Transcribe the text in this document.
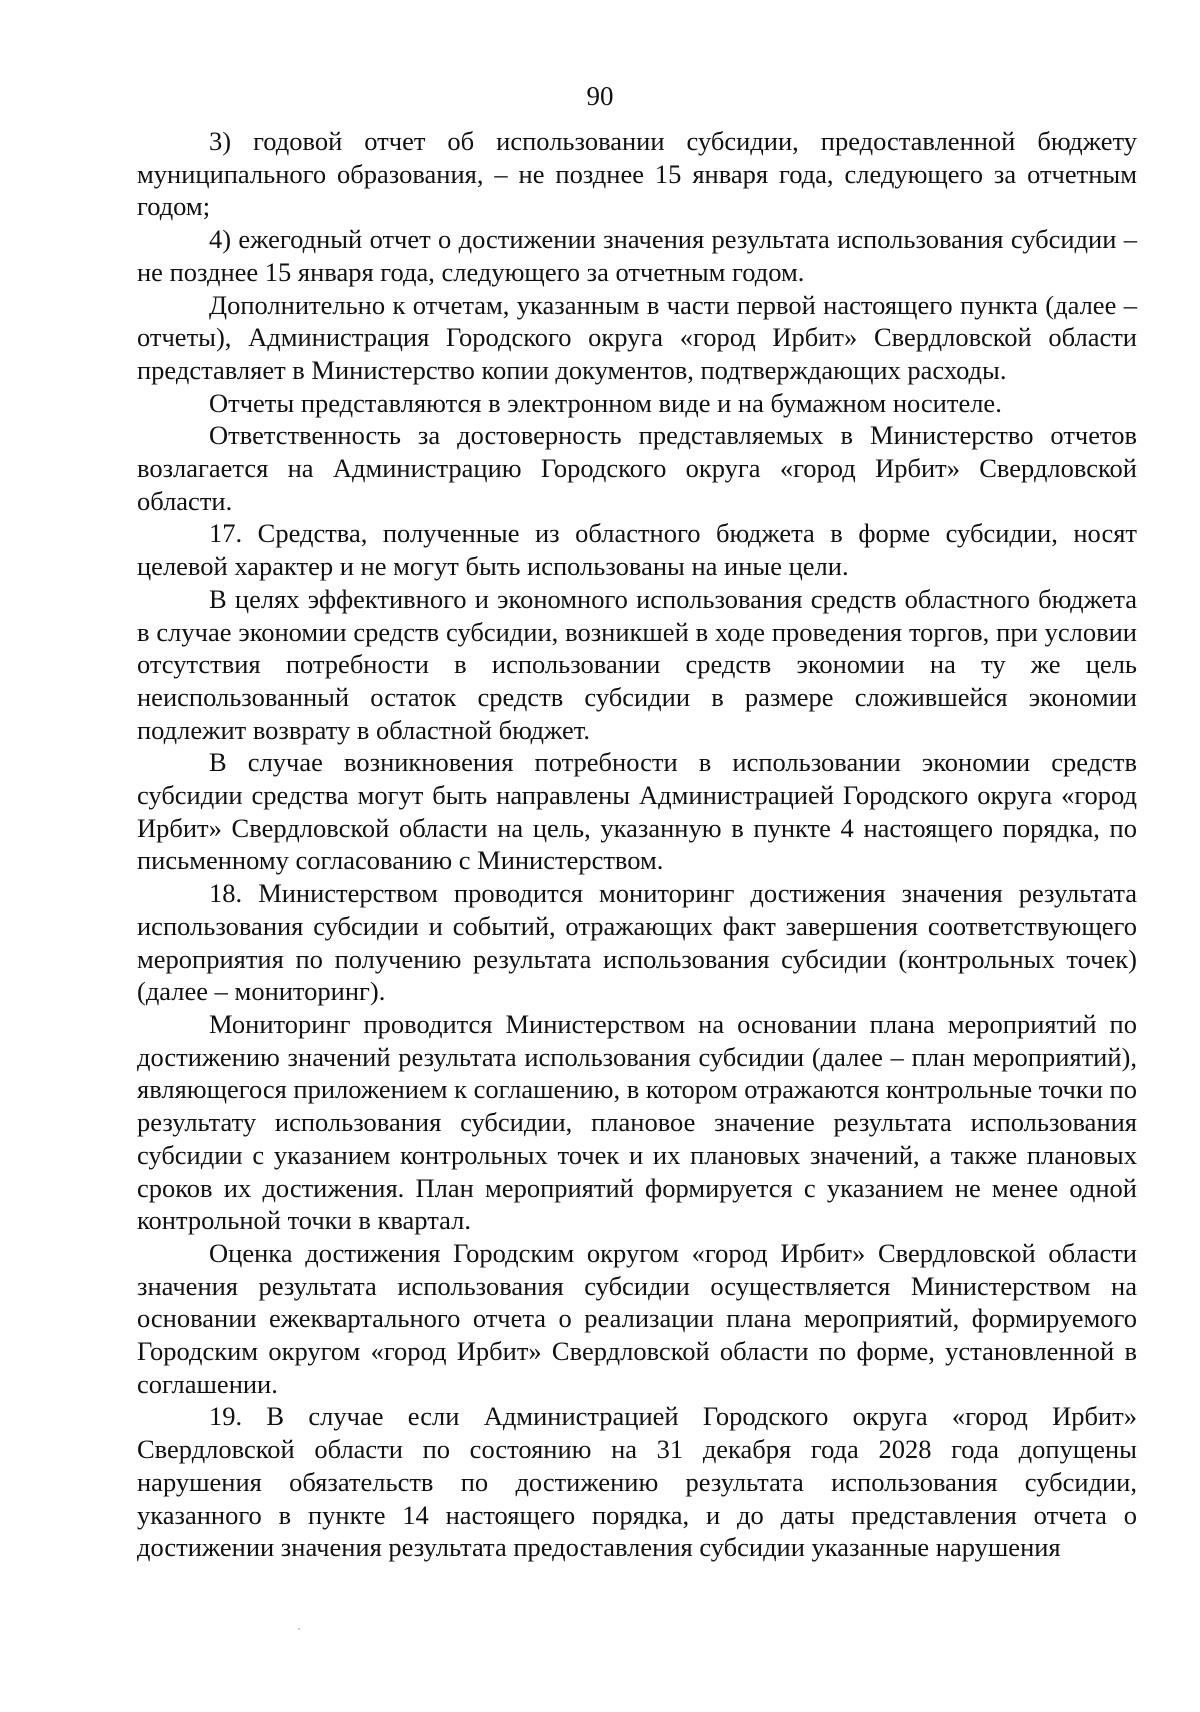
90

3) годовой отчет об использовании субсидии, предоставленной бюджету муниципального образования, – не позднее 15 января года, следующего за отчетным годом;

4) ежегодный отчет о достижении значения результата использования субсидии – не позднее 15 января года, следующего за отчетным годом.

Дополнительно к отчетам, указанным в части первой настоящего пункта (далее – отчеты), Администрация Городского округа «город Ирбит» Свердловской области представляет в Министерство копии документов, подтверждающих расходы.

Отчеты представляются в электронном виде и на бумажном носителе.

Ответственность за достоверность представляемых в Министерство отчетов возлагается на Администрацию Городского округа «город Ирбит» Свердловской области.

17. Средства, полученные из областного бюджета в форме субсидии, носят целевой характер и не могут быть использованы на иные цели.

В целях эффективного и экономного использования средств областного бюджета в случае экономии средств субсидии, возникшей в ходе проведения торгов, при условии отсутствия потребности в использовании средств экономии на ту же цель неиспользованный остаток средств субсидии в размере сложившейся экономии подлежит возврату в областной бюджет.

В случае возникновения потребности в использовании экономии средств субсидии средства могут быть направлены Администрацией Городского округа «город Ирбит» Свердловской области на цель, указанную в пункте 4 настоящего порядка, по письменному согласованию с Министерством.

18. Министерством проводится мониторинг достижения значения результата использования субсидии и событий, отражающих факт завершения соответствующего мероприятия по получению результата использования субсидии (контрольных точек) (далее – мониторинг).

Мониторинг проводится Министерством на основании плана мероприятий по достижению значений результата использования субсидии (далее – план мероприятий), являющегося приложением к соглашению, в котором отражаются контрольные точки по результату использования субсидии, плановое значение результата использования субсидии с указанием контрольных точек и их плановых значений, а также плановых сроков их достижения. План мероприятий формируется с указанием не менее одной контрольной точки в квартал.

Оценка достижения Городским округом «город Ирбит» Свердловской области значения результата использования субсидии осуществляется Министерством на основании ежеквартального отчета о реализации плана мероприятий, формируемого Городским округом «город Ирбит» Свердловской области по форме, установленной в соглашении.

19. В случае если Администрацией Городского округа «город Ирбит» Свердловской области по состоянию на 31 декабря года 2028 года допущены нарушения обязательств по достижению результата использования субсидии, указанного в пункте 14 настоящего порядка, и до даты представления отчета о достижении значения результата предоставления субсидии указанные нарушения
